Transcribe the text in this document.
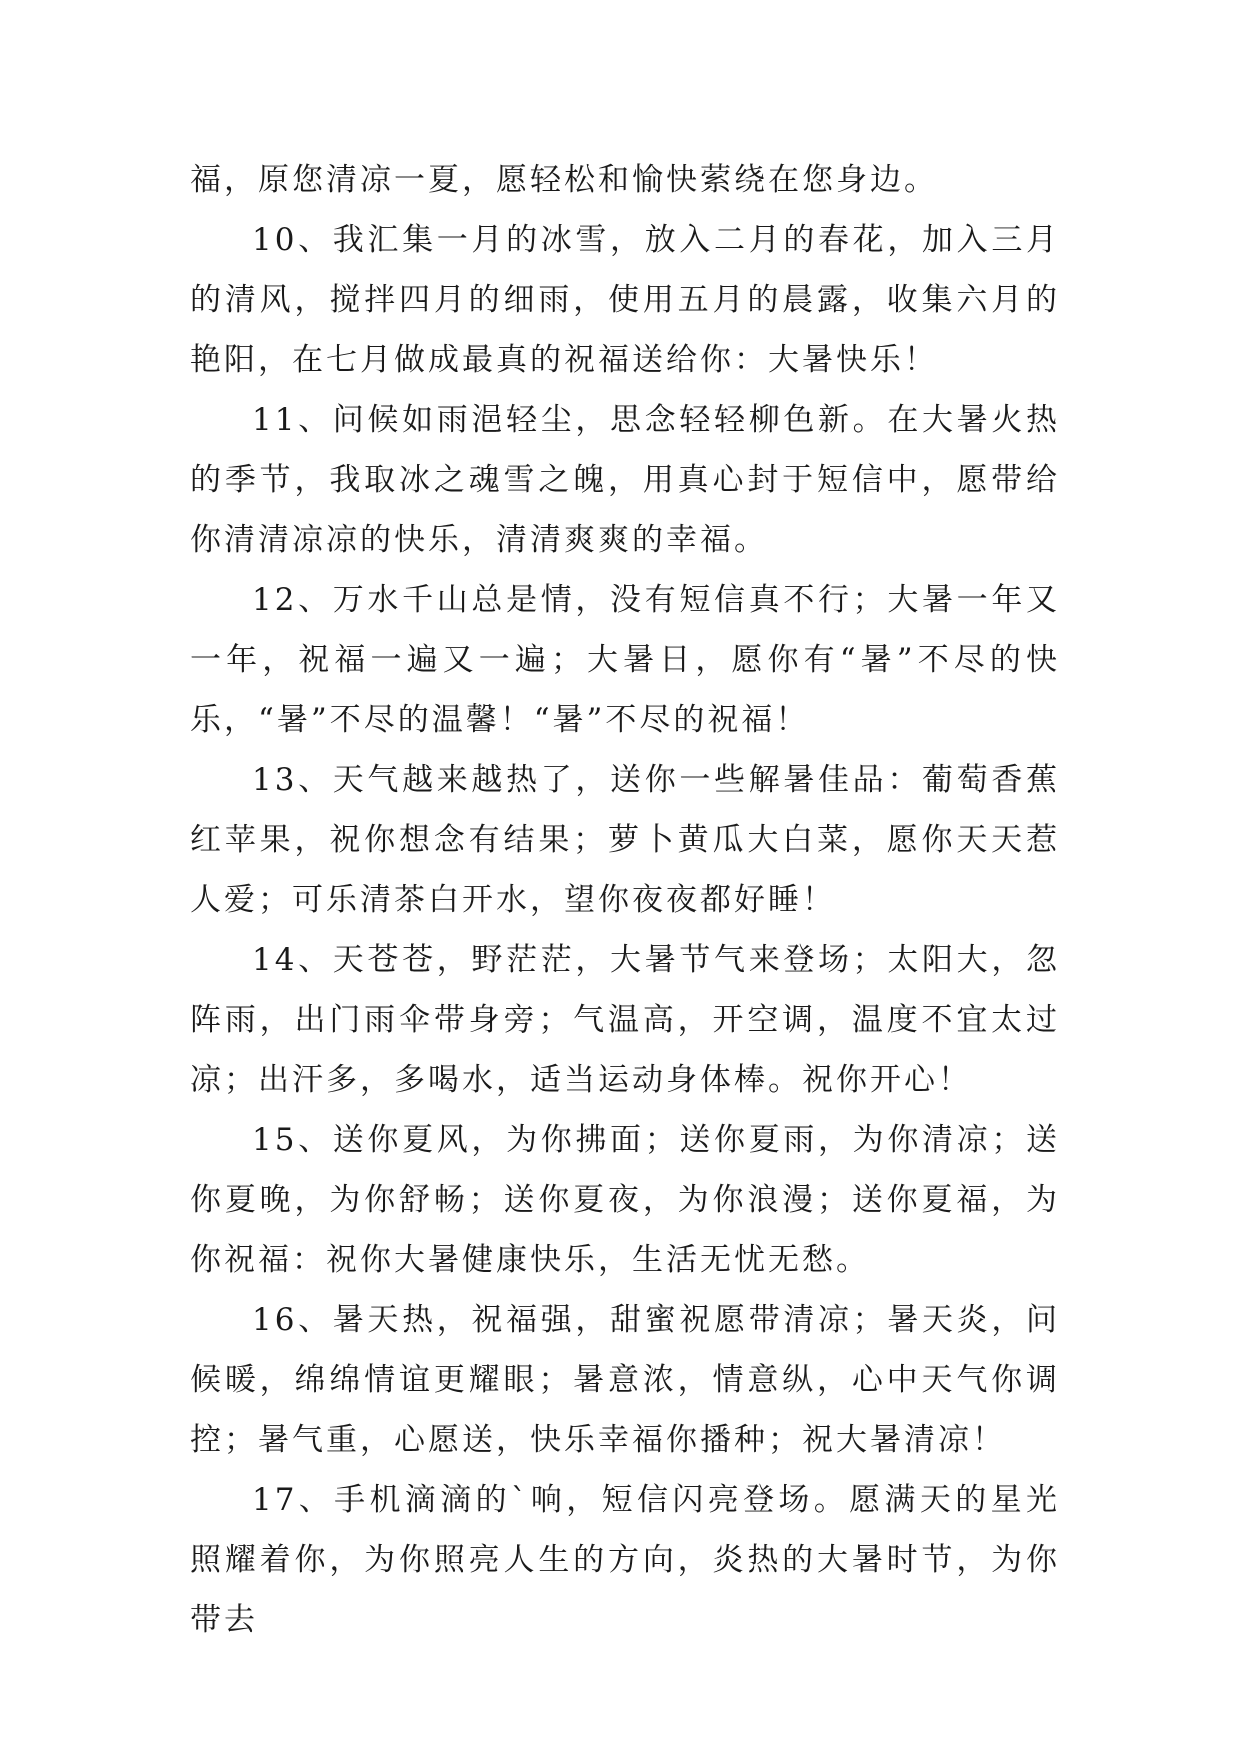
福，原您清凉一夏，愿轻松和愉快萦绕在您身边。

10、我汇集一月的冰雪，放入二月的春花，加入三月的清风，搅拌四月的细雨，使用五月的晨露，收集六月的艳阳，在七月做成最真的祝福送给你：大暑快乐！

11、问候如雨浥轻尘，思念轻轻柳色新。在大暑火热的季节，我取冰之魂雪之魄，用真心封于短信中，愿带给你清清凉凉的快乐，清清爽爽的幸福。

12、万水千山总是情，没有短信真不行；大暑一年又一年，祝福一遍又一遍；大暑日，愿你有“暑”不尽的快乐，“暑”不尽的温馨！“暑”不尽的祝福！

13、天气越来越热了，送你一些解暑佳品：葡萄香蕉红苹果，祝你想念有结果；萝卜黄瓜大白菜，愿你天天惹人爱；可乐清茶白开水，望你夜夜都好睡！

14、天苍苍，野茫茫，大暑节气来登场；太阳大，忽阵雨，出门雨伞带身旁；气温高，开空调，温度不宜太过凉；出汗多，多喝水，适当运动身体棒。祝你开心！

15、送你夏风，为你拂面；送你夏雨，为你清凉；送你夏晚，为你舒畅；送你夏夜，为你浪漫；送你夏福，为你祝福：祝你大暑健康快乐，生活无忧无愁。

16、暑天热，祝福强，甜蜜祝愿带清凉；暑天炎，问候暖，绵绵情谊更耀眼；暑意浓，情意纵，心中天气你调控；暑气重，心愿送，快乐幸福你播种；祝大暑清凉！

17、手机滴滴的`响，短信闪亮登场。愿满天的星光照耀着你，为你照亮人生的方向，炎热的大暑时节，为你带去
